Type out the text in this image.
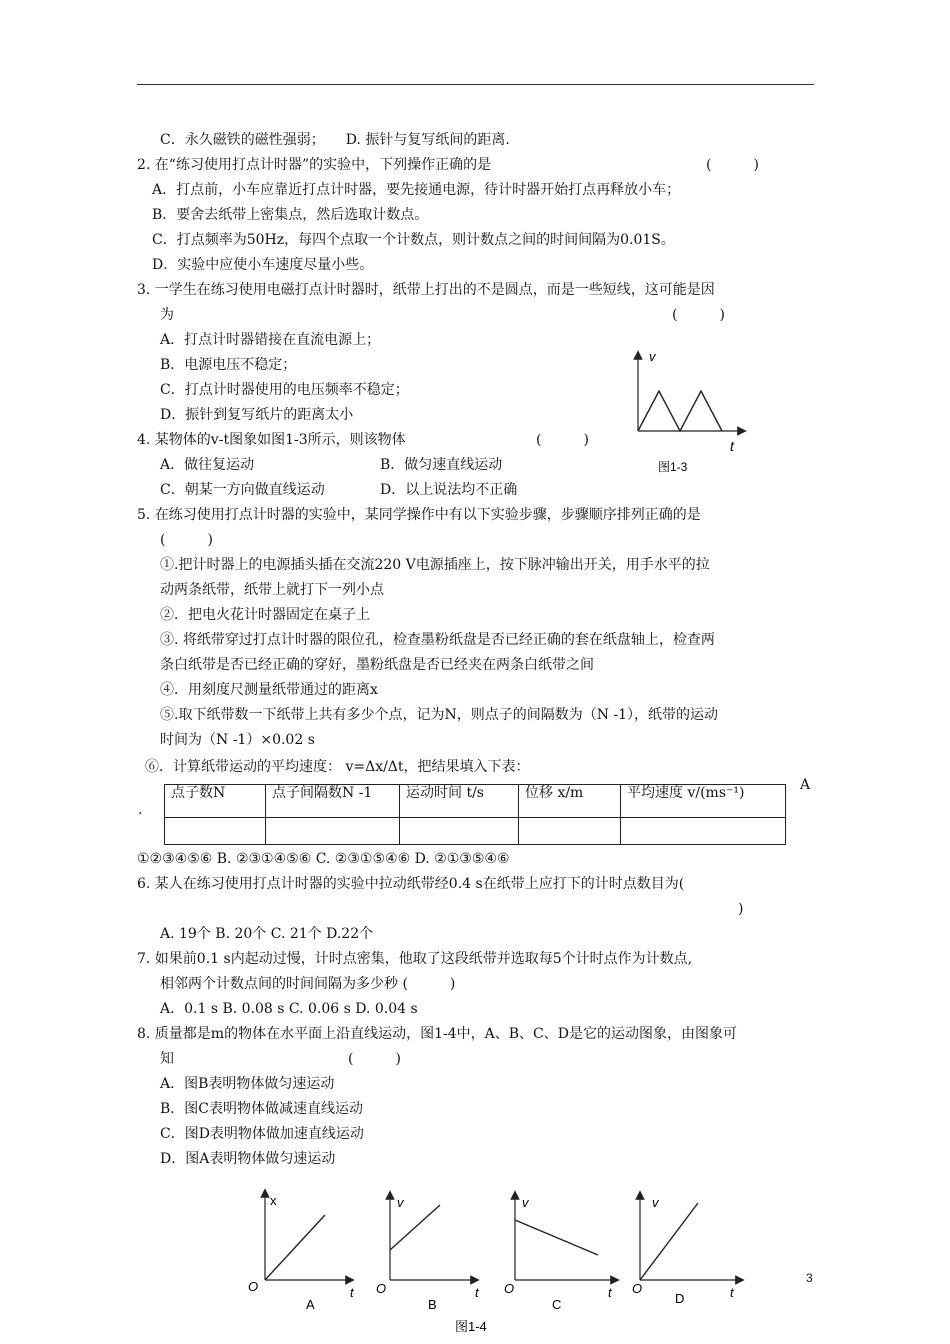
C．永久磁铁的磁性强弱；　　D. 振针与复写纸间的距离.
2. 在“练习使用打点计时器”的实验中，下列操作正确的是	(　　　)
A．打点前，小车应靠近打点计时器，要先接通电源，待计时器开始打点再释放小车；
B．要舍去纸带上密集点，然后选取计数点。
C．打点频率为50Hz，每四个点取一个计数点，则计数点之间的时间间隔为0.01S。
D．实验中应使小车速度尽量小些。
3. 一学生在练习使用电磁打点计时器时，纸带上打出的不是圆点，而是一些短线，这可能是因
为	(　　　)
A．打点计时器错接在直流电源上；
B．电源电压不稳定；
C．打点计时器使用的电压频率不稳定；
D．振针到复写纸片的距离太小
4. 某物体的v-t图象如图1-3所示，则该物体	(　　　)
A．做往复运动	B．做匀速直线运动
C．朝某一方向做直线运动	D．以上说法均不正确
v
t
图1-3
5. 在练习使用打点计时器的实验中，某同学操作中有以下实验步骤，步骤顺序排列正确的是
(　　　)
①.把计时器上的电源插头插在交流220 V电源插座上，按下脉冲输出开关，用手水平的拉
动两条纸带，纸带上就打下一列小点
②．把电火花计时器固定在桌子上
③. 将纸带穿过打点计时器的限位孔，检查墨粉纸盘是否已经正确的套在纸盘轴上，检查两
条白纸带是否已经正确的穿好，墨粉纸盘是否已经夹在两条白纸带之间
④．用刻度尺测量纸带通过的距离x
⑤.取下纸带数一下纸带上共有多少个点，记为N，则点子的间隔数为（N -1），纸带的运动
时间为（N -1）×0.02 s
⑥．计算纸带运动的平均速度： v=Δx/Δt，把结果填入下表：
点子数N	点子间隔数N -1	运动时间 t/s	位移 x/m	平均速度 v/(ms⁻¹)
					A
.
①②③④⑤⑥ B. ②③①④⑤⑥ C. ②③①⑤④⑥ D. ②①③⑤④⑥
6. 某人在练习使用打点计时器的实验中拉动纸带经0.4 s在纸带上应打下的计时点数目为(
)
A. 19个 B. 20个 C. 21个 D.22个
7. 如果前0.1 s内起动过慢，计时点密集，他取了这段纸带并选取每5个计时点作为计数点,
相邻两个计数点间的时间间隔为多少秒 (　　　)
A．0.1 s B. 0.08 s C. 0.06 s D. 0.04 s
8. 质量都是m的物体在水平面上沿直线运动，图1-4中，A、B、C、D是它的运动图象，由图象可
知	(　　　)
A．图B表明物体做匀速运动
B．图C表明物体做减速直线运动
C．图D表明物体做加速直线运动
D．图A表明物体做匀速运动
x
O	t
A
v
O	t
B
v
O	t
C
v
O	t
D
图1-4
3
